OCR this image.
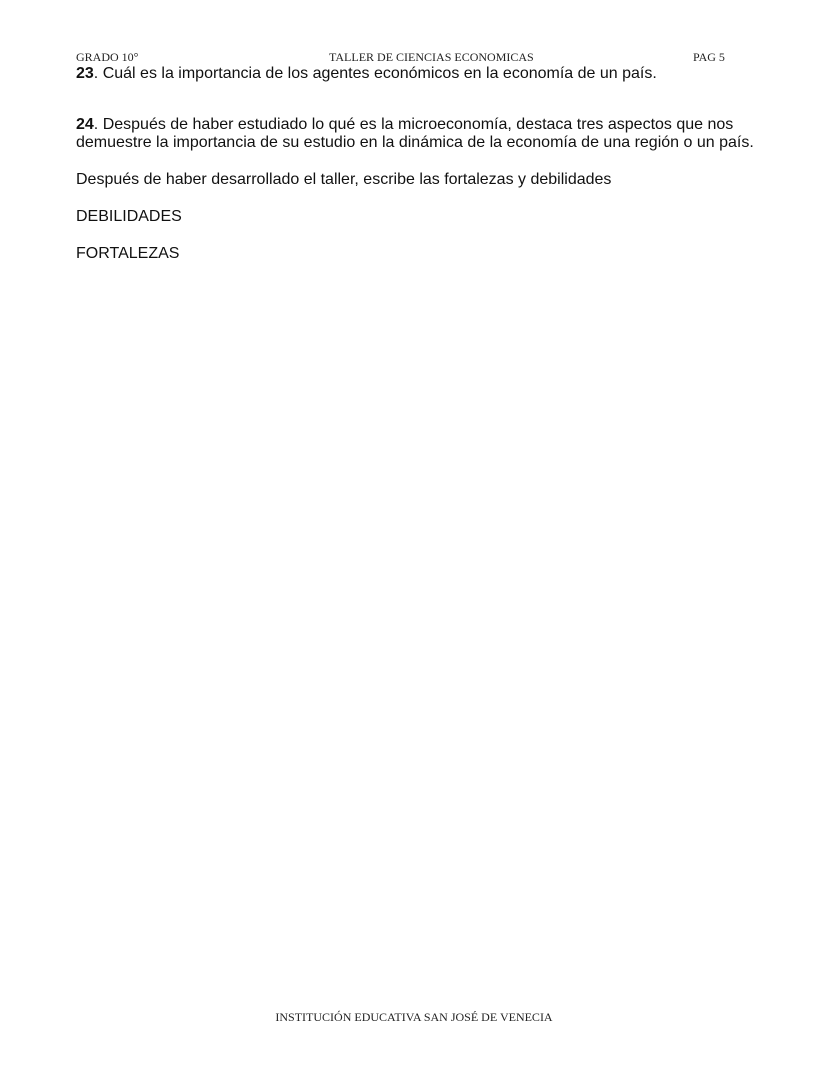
GRADO 10°	TALLER DE CIENCIAS ECONOMICAS	PAG 5
23. Cuál es la importancia de los agentes económicos en la economía de un país.
24. Después de haber estudiado lo qué es la microeconomía, destaca tres aspectos que nos demuestre la importancia de su estudio en la dinámica de la economía de una región o un país.
Después de haber desarrollado el taller, escribe las fortalezas y debilidades
DEBILIDADES
FORTALEZAS
INSTITUCIÓN EDUCATIVA SAN JOSÉ DE VENECIA
